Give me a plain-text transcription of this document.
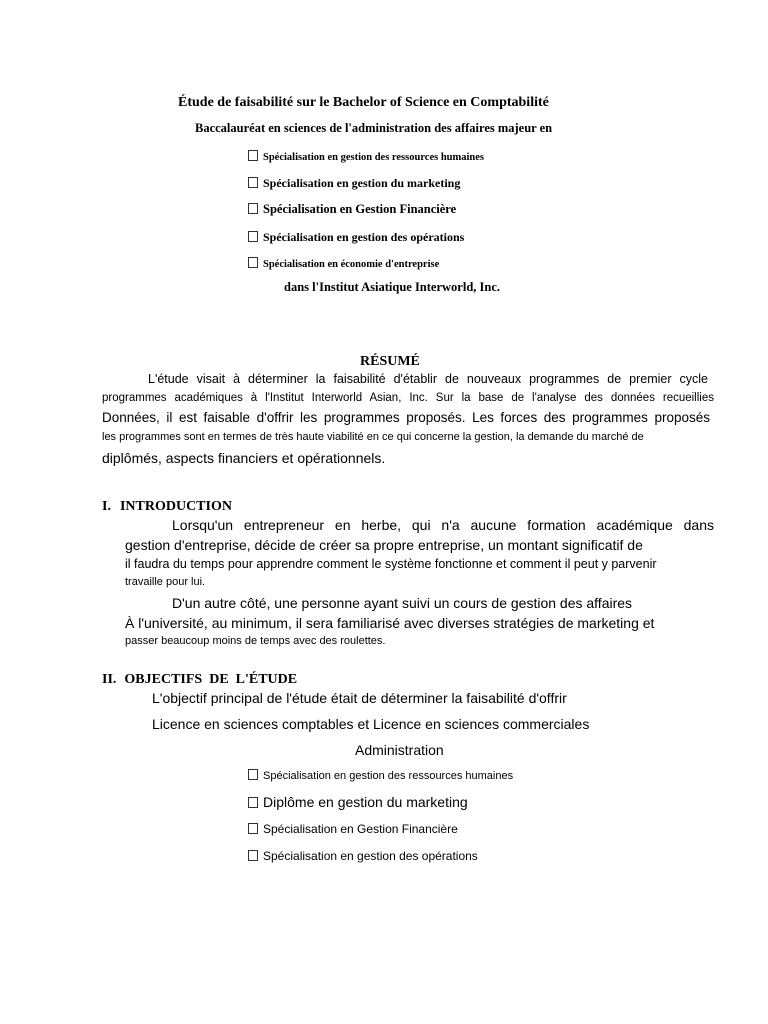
Étude de faisabilité sur le Bachelor of Science en Comptabilité
Baccalauréat en sciences de l'administration des affaires majeur en
Spécialisation en gestion des ressources humaines
Spécialisation en gestion du marketing
Spécialisation en Gestion Financière
Spécialisation en gestion des opérations
Spécialisation en économie d'entreprise
dans l'Institut Asiatique Interworld, Inc.
RÉSUMÉ
L'étude visait à déterminer la faisabilité d'établir de nouveaux programmes de premier cycle
programmes académiques à l'Institut Interworld Asian, Inc. Sur la base de l'analyse des données recueillies
Données, il est faisable d'offrir les programmes proposés. Les forces des programmes proposés
les programmes sont en termes de très haute viabilité en ce qui concerne la gestion, la demande du marché de
diplômés, aspects financiers et opérationnels.
I. INTRODUCTION
Lorsqu'un entrepreneur en herbe, qui n'a aucune formation académique dans
gestion d'entreprise, décide de créer sa propre entreprise, un montant significatif de
il faudra du temps pour apprendre comment le système fonctionne et comment il peut y parvenir
travaille pour lui.
D'un autre côté, une personne ayant suivi un cours de gestion des affaires
À l'université, au minimum, il sera familiarisé avec diverses stratégies de marketing et
passer beaucoup moins de temps avec des roulettes.
II. OBJECTIFS  DE  L'ÉTUDE
L'objectif principal de l'étude était de déterminer la faisabilité d'offrir
Licence en sciences comptables et Licence en sciences commerciales
Administration
Spécialisation en gestion des ressources humaines
Diplôme en gestion du marketing
Spécialisation en Gestion Financière
Spécialisation en gestion des opérations
